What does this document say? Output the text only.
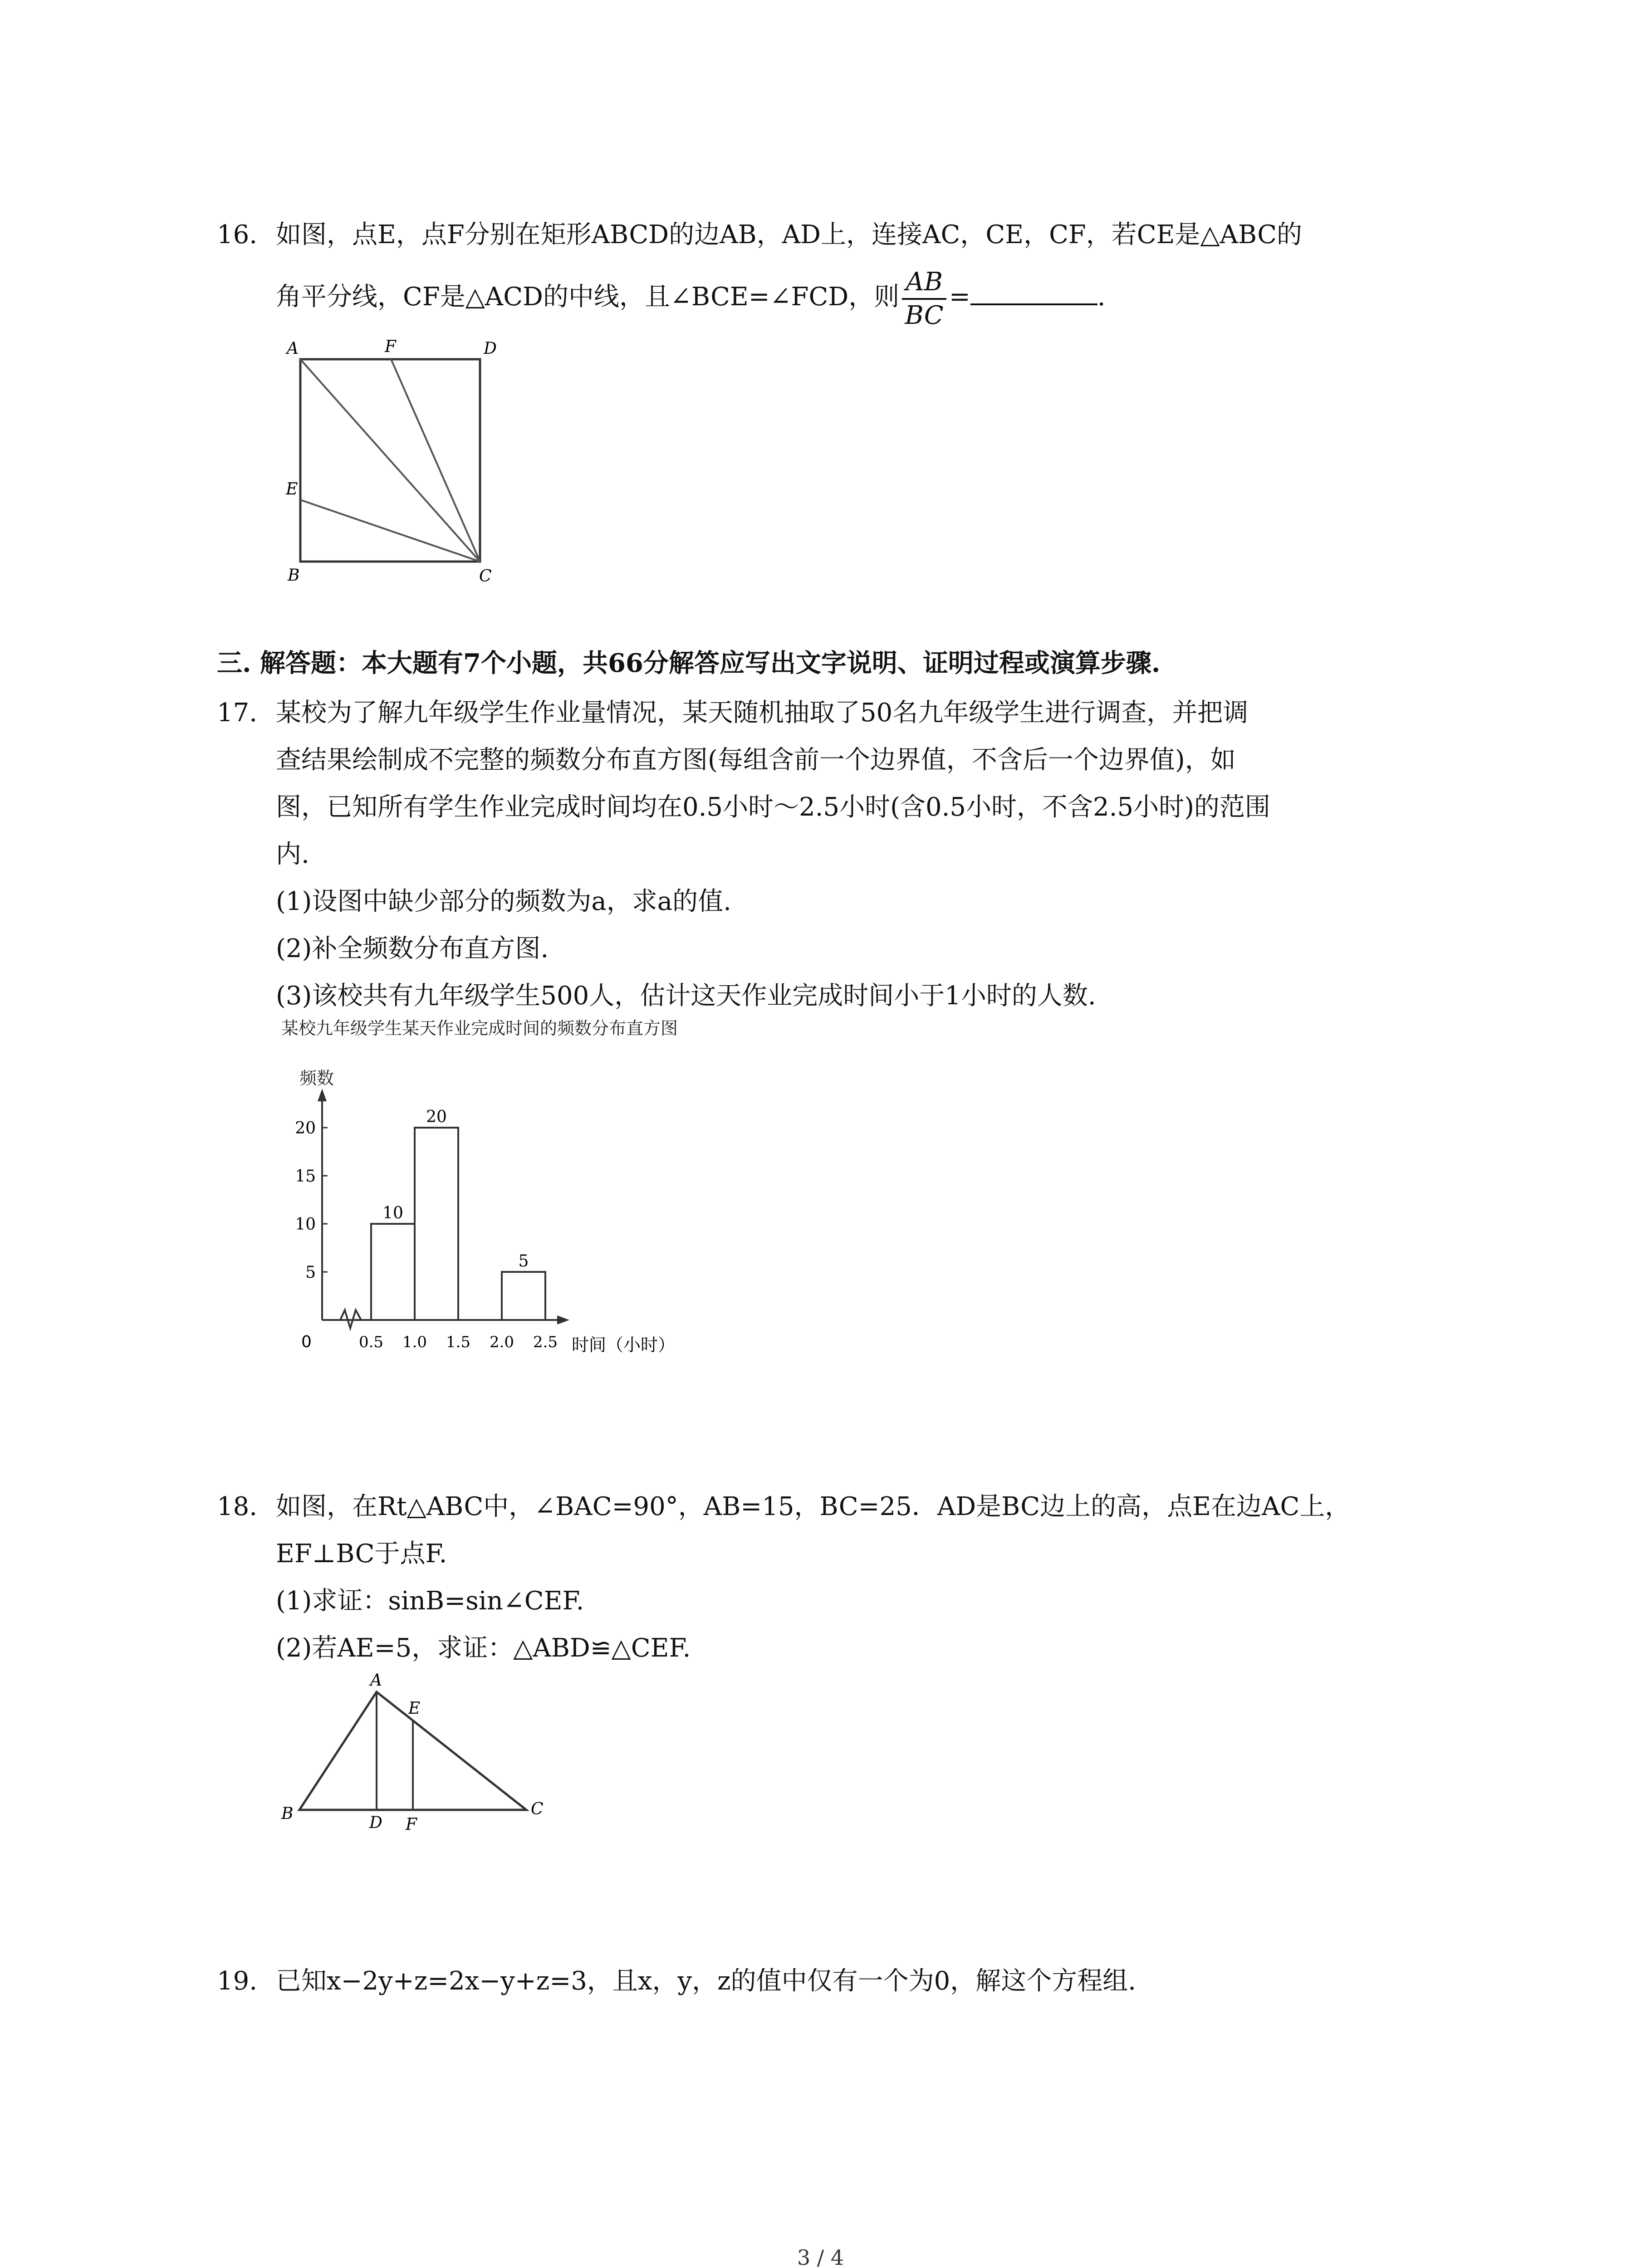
16. 如图，点E，点F分别在矩形ABCD的边AB，AD上，连接AC，CE，CF，若CE是△ABC的
角平分线，CF是△ACD的中线，且∠BCE=∠FCD，则 $\frac{AB}{BC}$ =	.
A	F	D
E
B	C
三. 解答题：本大题有7个小题，共66分解答应写出文字说明、证明过程或演算步骤.
17. 某校为了解九年级学生作业量情况，某天随机抽取了50名九年级学生进行调查，并把调
查结果绘制成不完整的频数分布直方图(每组含前一个边界值，不含后一个边界值)，如
图，已知所有学生作业完成时间均在0.5小时～2.5小时(含0.5小时，不含2.5小时)的范围
内.
(1)设图中缺少部分的频数为a，求a的值.
(2)补全频数分布直方图.
(3)该校共有九年级学生500人，估计这天作业完成时间小于1小时的人数.
某校九年级学生某天作业完成时间的频数分布直方图
频数
0	时间（小时）
10
20
5
5
10
15
20
0.5 1.0 1.5 2.0 2.5
18. 如图，在Rt△ABC中，∠BAC=90°，AB=15，BC=25．AD是BC边上的高，点E在边AC上，
EF⊥BC于点F.
(1)求证：sinB=sin∠CEF.
(2)若AE=5，求证：△ABD≌△CEF.
A
E
B	D F
C
19. 已知x−2y+z=2x−y+z=3，且x，y，z的值中仅有一个为0，解这个方程组.
3 / 4
